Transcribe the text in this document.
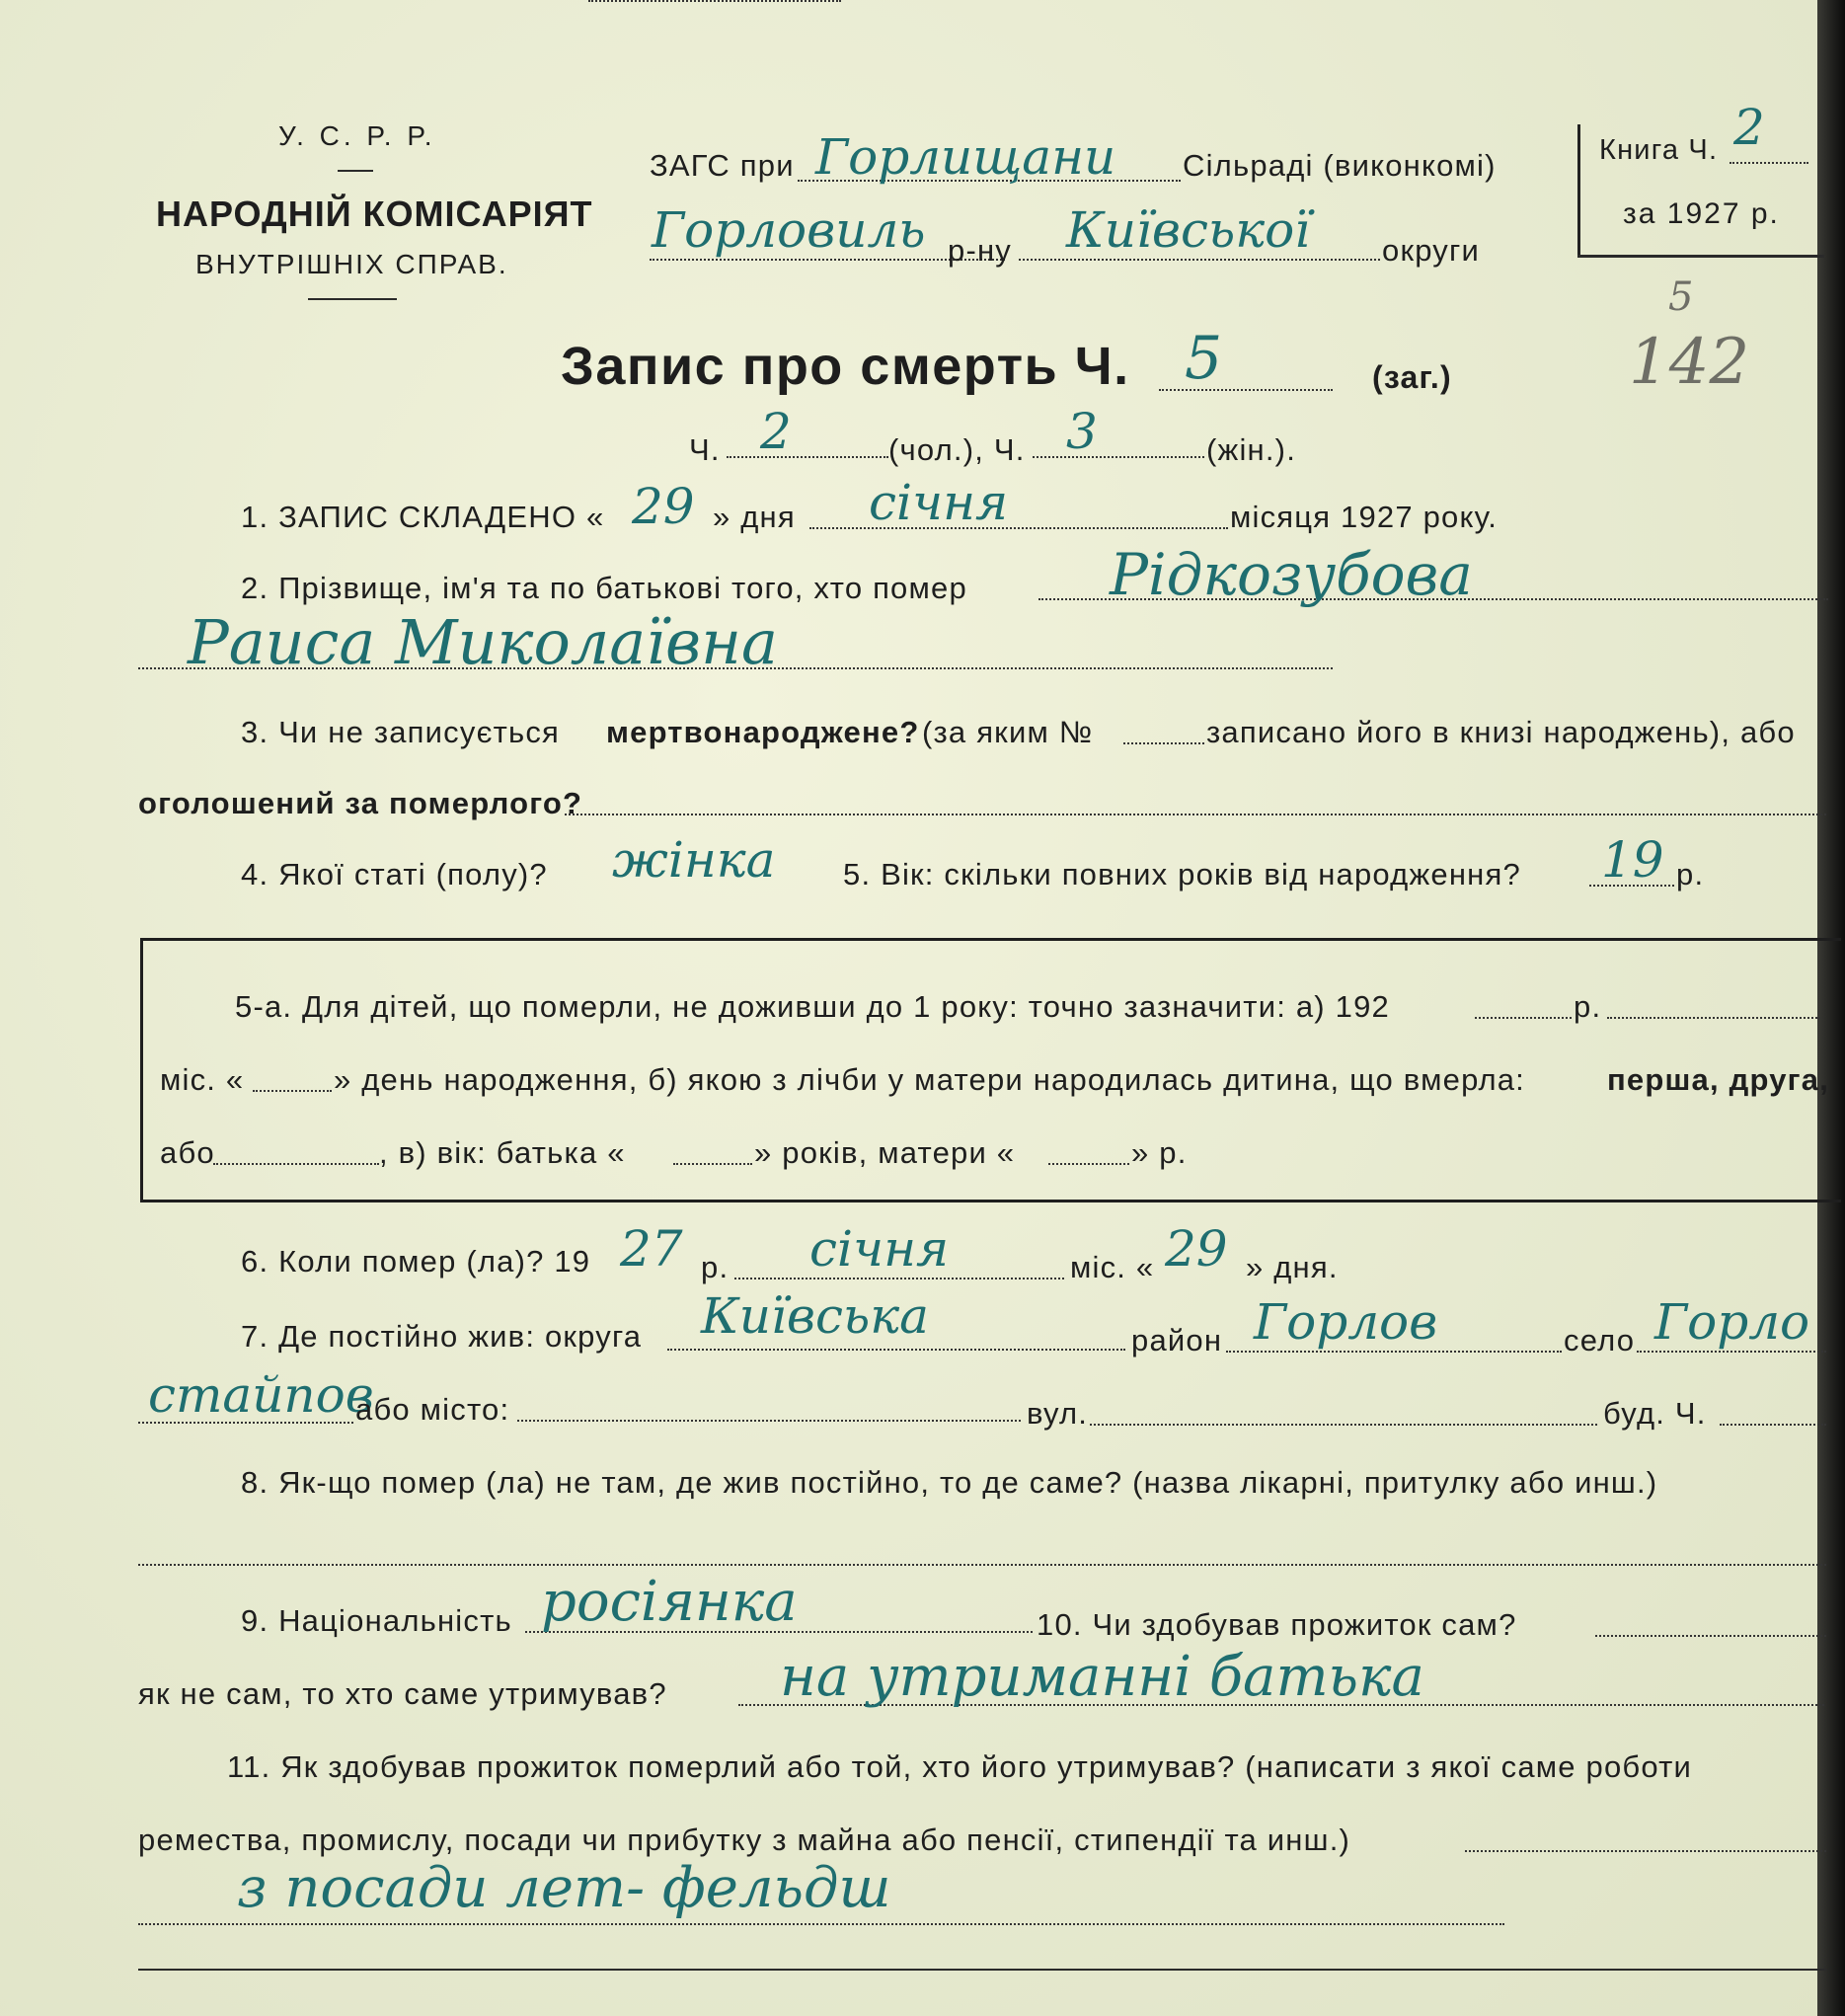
У. С. Р. Р.
НАРОДНІЙ КОМІСАРІЯТ
ВНУТРІШНІХ СПРАВ.
ЗАГС при Горлищани Сільраді (виконкомі)
Горловиль р-ну Київської округи
Книга Ч. 2
за 1927 р.
5
142
Запис про смерть Ч. 5	(заг.)
Ч. 2	(чол.), Ч. 3	(жін.).
1. ЗАПИС СКЛАДЕНО « 29 » дня січня	місяця 1927 року.
2. Прізвище, ім'я та по батькові того, хто помер Рідкозубова
Раиса Миколаївна
3. Чи не записується мертвонароджене? (за яким №	записано його в книзі народжень), або
оголошений за померлого?
4. Якої статі (полу)? жінка 5. Вік: скільки повних років від народження? 19 р.
5-а. Для дітей, що померли, не доживши до 1 року: точно зазначити: а) 192	р.
міс. «	» день народження, б) якою з лічби у матери народилась дитина, що вмерла:	перша, друга,
або	, в) вік: батька «	» років, матери «	» р.
6. Коли помер (ла)? 19 27 р. січня	міс. « 29 » дня.
7. Де постійно жив: округа Київська	район Горлов	село Горло
стайпов
або місто:	вул.	буд. Ч.
8. Як-що помер (ла) не там, де жив постійно, то де саме? (назва лікарні, притулку або инш.)
9. Національність росіянка	10. Чи здобував прожиток сам?
як не сам, то хто саме утримував? на утриманні батька
11. Як здобував прожиток померлий або той, хто його утримував? (написати з якої саме роботи
ремества, промислу, посади чи прибутку з майна або пенсії, стипендії та инш.)
з посади лет- фельдш
